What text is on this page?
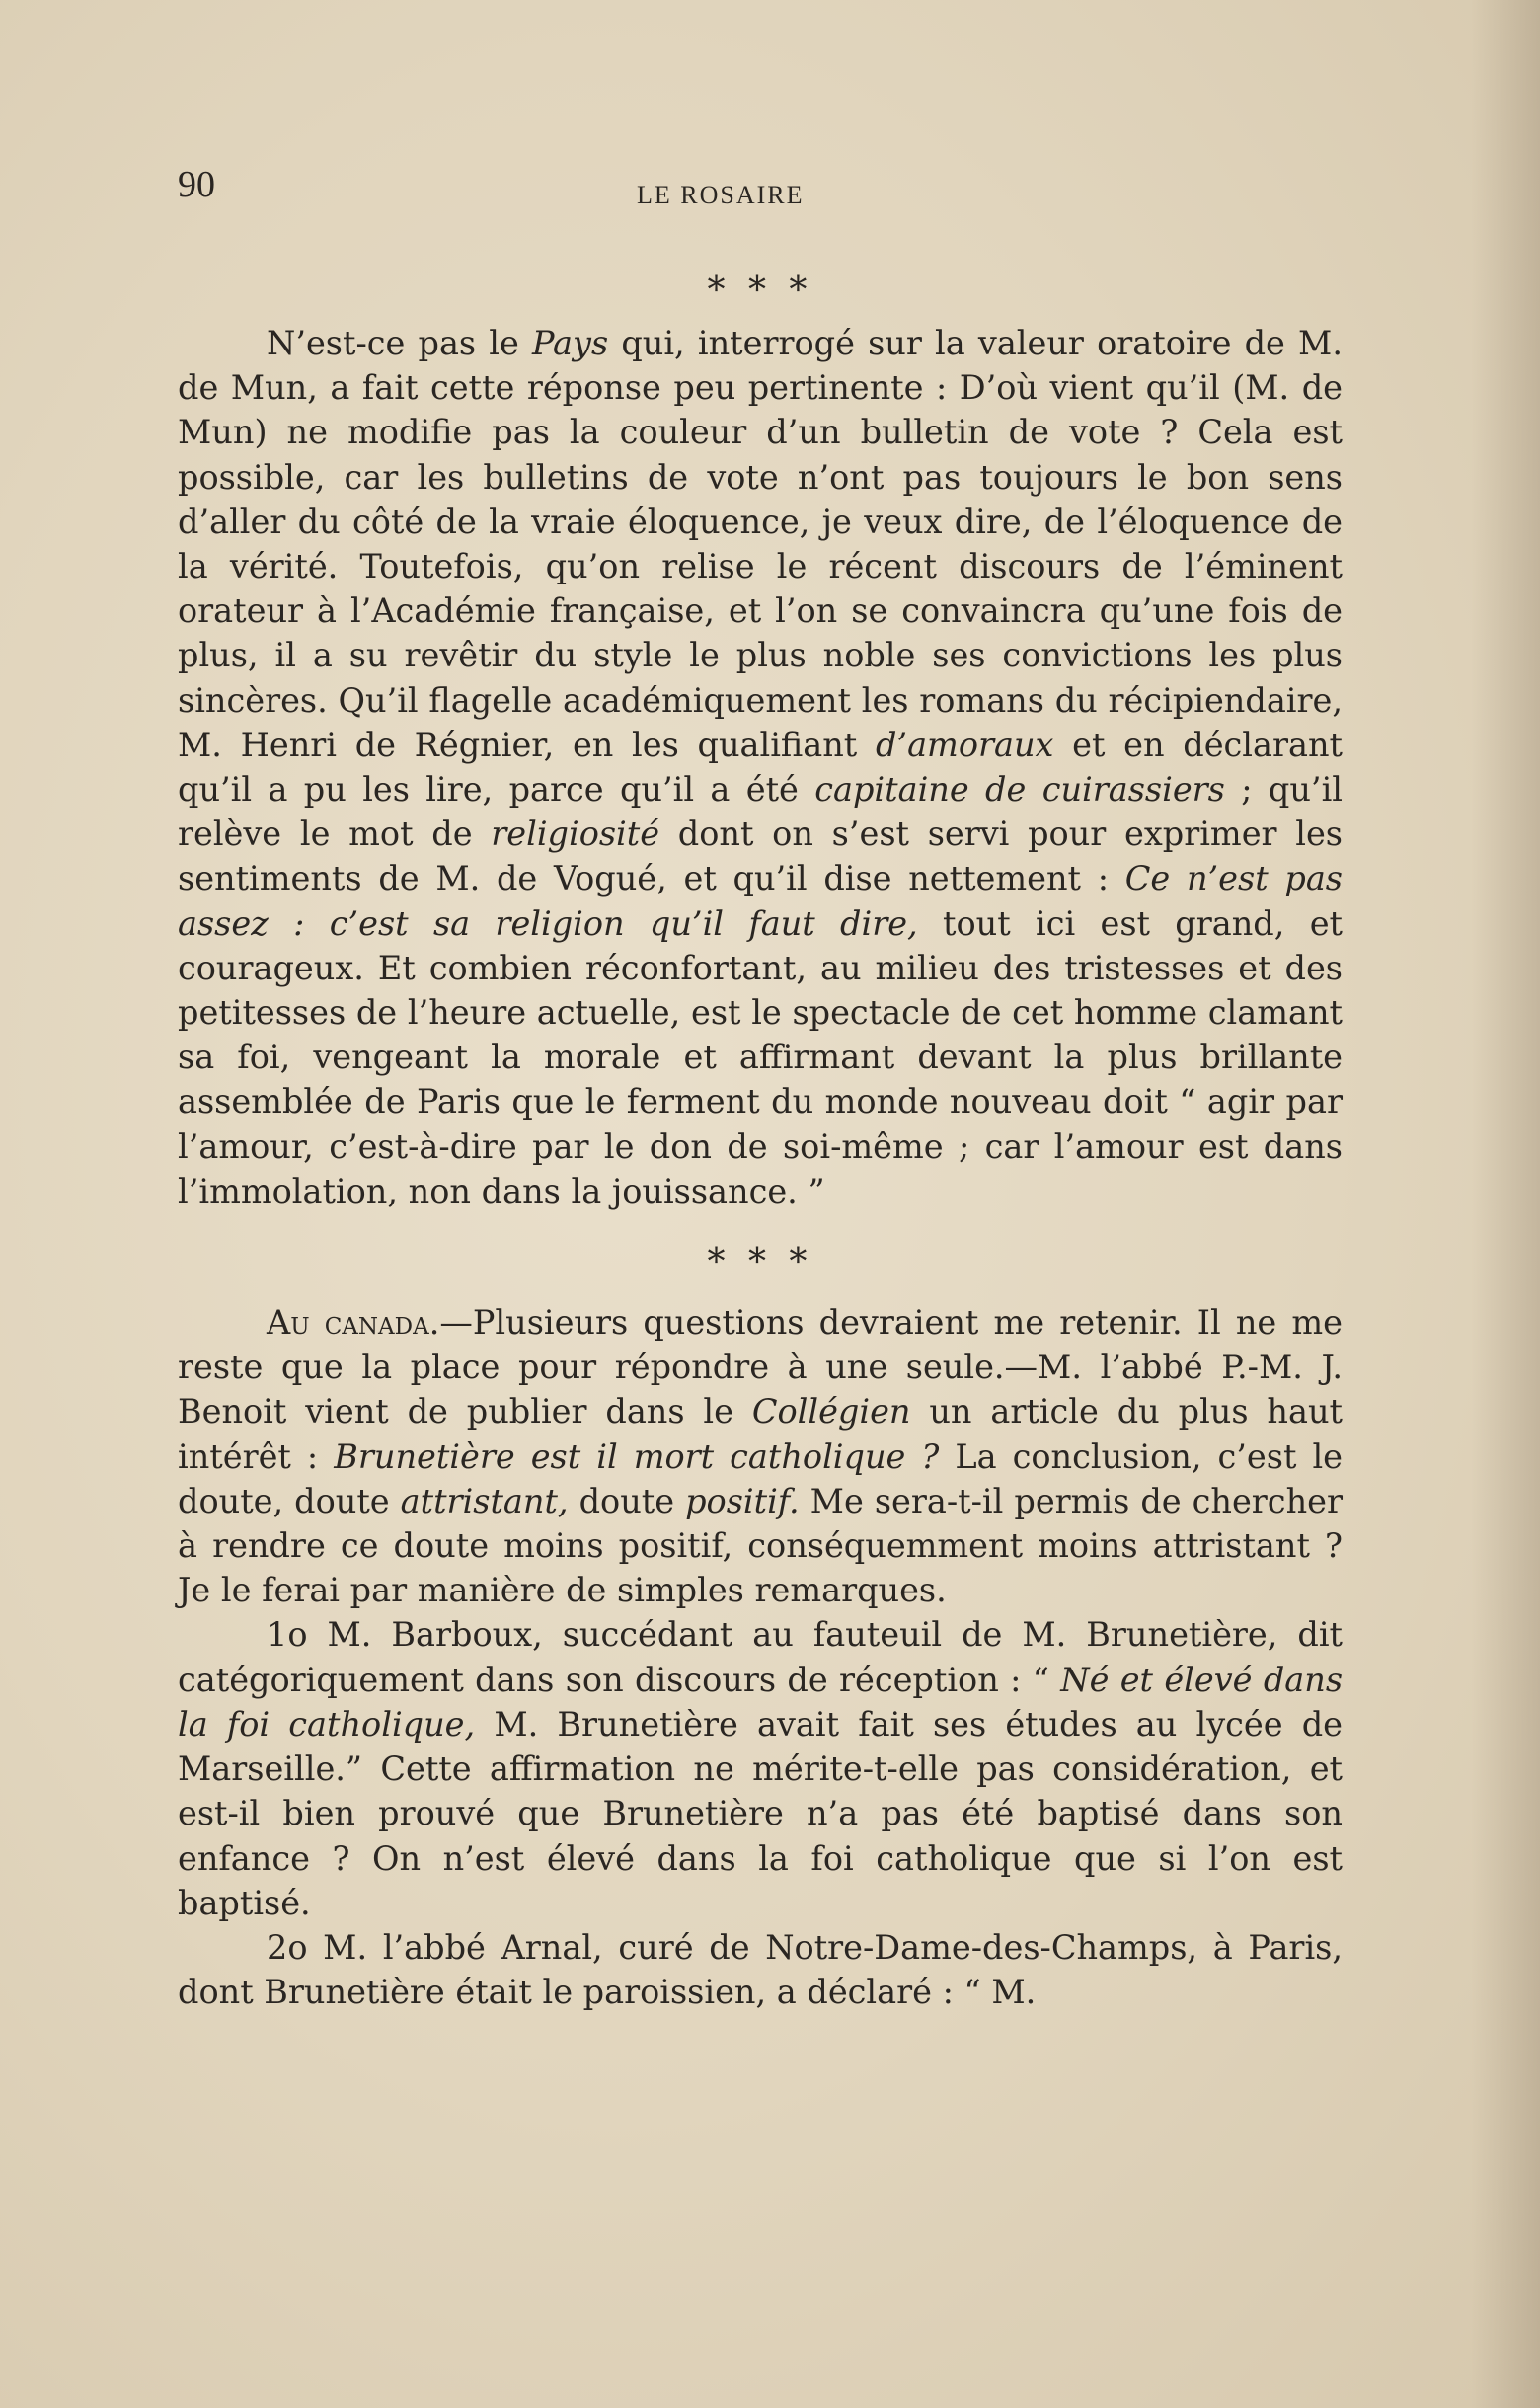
90	LE ROSAIRE
* * *

N’est-ce pas le Pays qui, interrogé sur la valeur oratoire de M. de Mun, a fait cette réponse peu pertinente : D’où vient qu’il (M. de Mun) ne modifie pas la couleur d’un bulletin de vote ? Cela est possible, car les bulletins de vote n’ont pas toujours le bon sens d’aller du côté de la vraie éloquence, je veux dire, de l’éloquence de la vérité. Toutefois, qu’on relise le récent discours de l’éminent orateur à l’Académie française, et l’on se convaincra qu’une fois de plus, il a su revêtir du style le plus noble ses convictions les plus sincères. Qu’il flagelle académiquement les romans du récipiendaire, M. Henri de Régnier, en les qualifiant d’amoraux et en déclarant qu’il a pu les lire, parce qu’il a été capitaine de cuirassiers ; qu’il relève le mot de religiosité dont on s’est servi pour exprimer les sentiments de M. de Vogué, et qu’il dise nettement : Ce n’est pas assez : c’est sa religion qu’il faut dire, tout ici est grand, et courageux. Et combien réconfortant, au milieu des tristesses et des petitesses de l’heure actuelle, est le spectacle de cet homme clamant sa foi, vengeant la morale et affirmant devant la plus brillante assemblée de Paris que le ferment du monde nouveau doit “ agir par l’amour, c’est-à-dire par le don de soi-même ; car l’amour est dans l’immolation, non dans la jouissance. ”

* * *

Au canada.—Plusieurs questions devraient me retenir. Il ne me reste que la place pour répondre à une seule.—M. l’abbé P.-M. J. Benoit vient de publier dans le Collégien un article du plus haut intérêt : Brunetière est il mort catholique ? La conclusion, c’est le doute, doute attristant, doute positif. Me sera-t-il permis de chercher à rendre ce doute moins positif, conséquemment moins attristant ? Je le ferai par manière de simples remarques.

1o M. Barboux, succédant au fauteuil de M. Brunetière, dit catégoriquement dans son discours de réception : “ Né et élevé dans la foi catholique, M. Brunetière avait fait ses études au lycée de Marseille.” Cette affirmation ne mérite-t-elle pas considération, et est-il bien prouvé que Brunetière n’a pas été baptisé dans son enfance ? On n’est élevé dans la foi catholique que si l’on est baptisé.

2o M. l’abbé Arnal, curé de Notre-Dame-des-Champs, à Paris, dont Brunetière était le paroissien, a déclaré : “ M.
